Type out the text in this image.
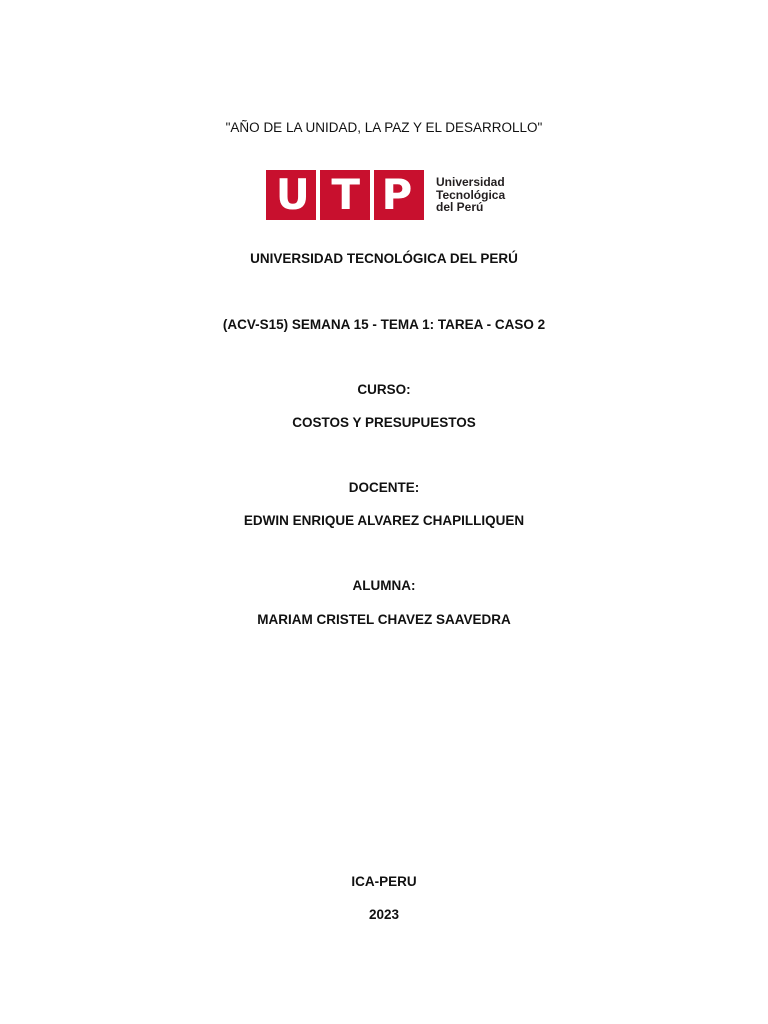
"AÑO DE LA UNIDAD, LA PAZ Y EL DESARROLLO"
U T P Universidad
Tecnológica
del Perú
UNIVERSIDAD TECNOLÓGICA DEL PERÚ
(ACV-S15) SEMANA 15 - TEMA 1: TAREA - CASO 2
CURSO:
COSTOS Y PRESUPUESTOS
DOCENTE:
EDWIN ENRIQUE ALVAREZ CHAPILLIQUEN
ALUMNA:
MARIAM CRISTEL CHAVEZ SAAVEDRA
ICA-PERU
2023
